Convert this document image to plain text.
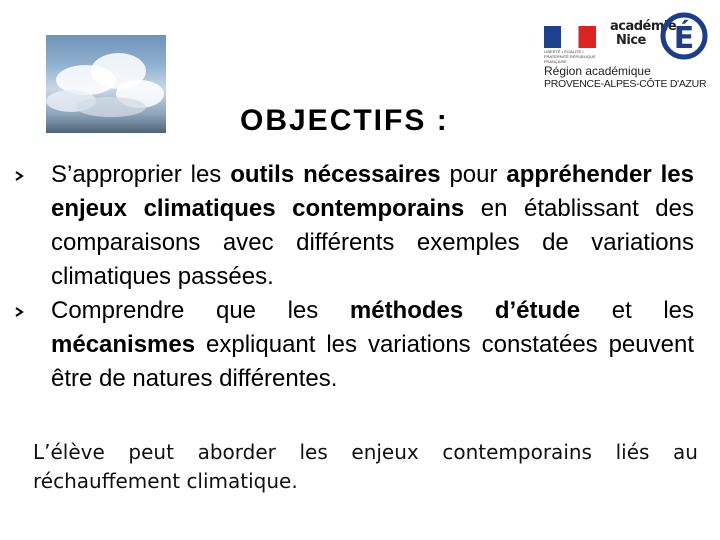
LIBERTÉ • ÉGALITÉ • FRATERNITÉ RÉPUBLIQUE FRANÇAISE
académie
Nice É
Région académique
PROVENCE-ALPES-CÔTE D'AZUR
OBJECTIFS :
S’approprier les outils nécessaires pour appréhender les enjeux climatiques contemporains en établissant des comparaisons avec différents exemples de variations climatiques passées.
Comprendre que les méthodes d’étude et les mécanismes expliquant les variations constatées peuvent être de natures différentes.
L’élève peut aborder les enjeux contemporains liés au réchauffement climatique.
